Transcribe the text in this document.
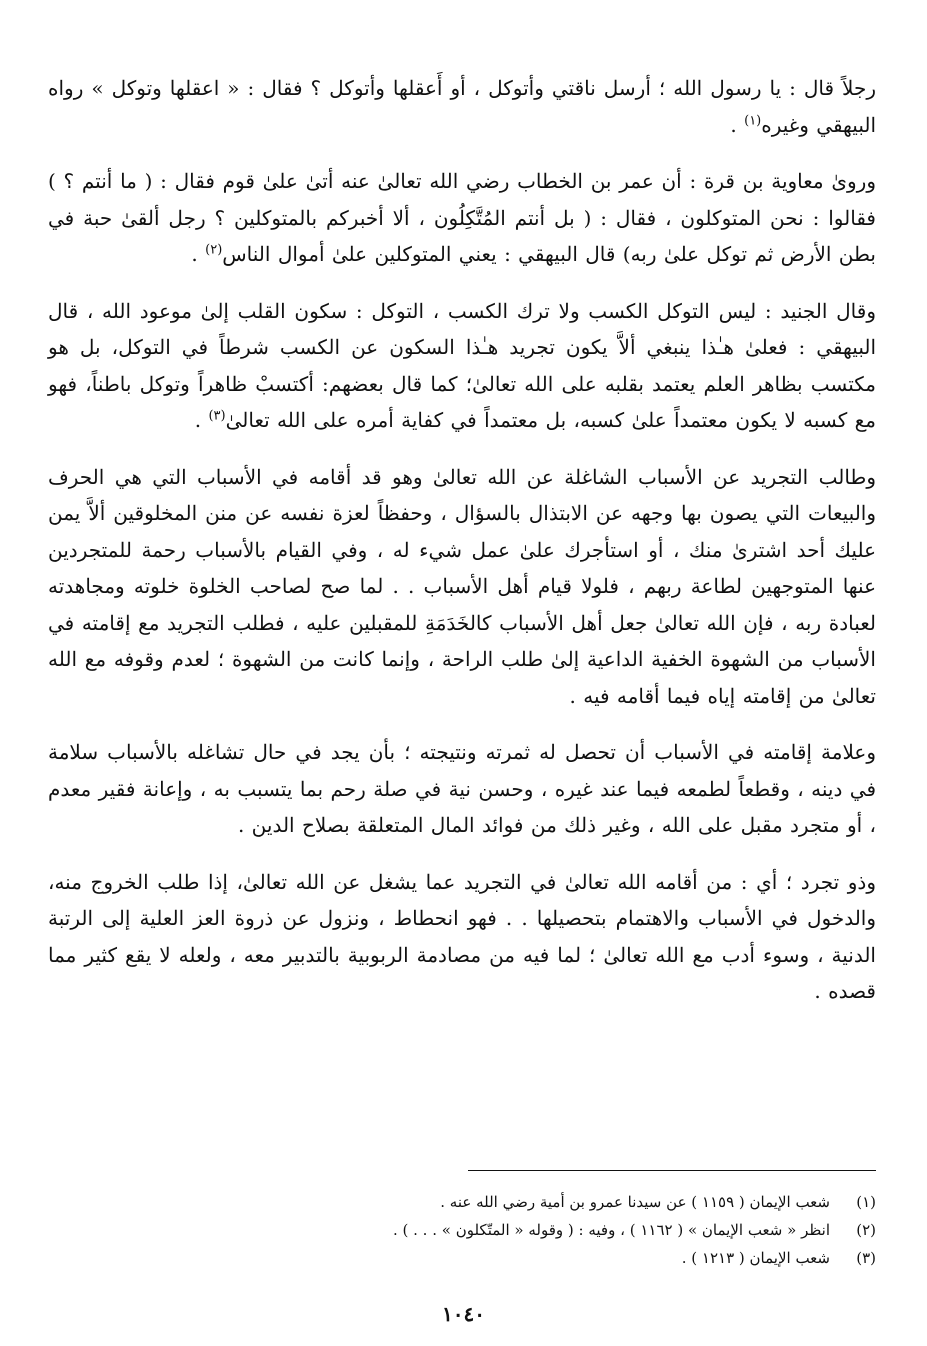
رجلاً قال : يا رسول الله ؛ أرسل ناقتي وأتوكل ، أو أَعقلها وأتوكل ؟ فقال : « اعقلها وتوكل » رواه البيهقي وغيره$^{(١)}$ .

وروىٰ معاوية بن قرة : أن عمر بن الخطاب رضي الله تعالىٰ عنه أتىٰ علىٰ قوم فقال : ( ما أنتم ؟ ) فقالوا : نحن المتوكلون ، فقال : ( بل أنتم المُتَّكِلُون ، ألا أخبركم بالمتوكلين ؟ رجل ألقىٰ حبة في بطن الأرض ثم توكل علىٰ ربه) قال البيهقي : يعني المتوكلين علىٰ أموال الناس$^{(٢)}$ .

وقال الجنيد : ليس التوكل الكسب ولا ترك الكسب ، التوكل : سكون القلب إلىٰ موعود الله ، قال البيهقي : فعلىٰ هـٰذا ينبغي ألاَّ يكون تجريد هـٰذا السكون عن الكسب شرطاً في التوكل، بل هو مكتسب بظاهر العلم يعتمد بقلبه على الله تعالىٰ؛ كما قال بعضهم: أكتسبْ ظاهراً وتوكل باطناً، فهو مع كسبه لا يكون معتمداً علىٰ كسبه، بل معتمداً في كفاية أمره على الله تعالىٰ$^{(٣)}$ .

وطالب التجريد عن الأسباب الشاغلة عن الله تعالىٰ وهو قد أقامه في الأسباب التي هي الحرف والبيعات التي يصون بها وجهه عن الابتذال بالسؤال ، وحفظاً لعزة نفسه عن منن المخلوقين ألاَّ يمن عليك أحد اشترىٰ منك ، أو استأجرك علىٰ عمل شيء له ، وفي القيام بالأسباب رحمة للمتجردين عنها المتوجهين لطاعة ربهم ، فلولا قيام أهل الأسباب . . لما صح لصاحب الخلوة خلوته ومجاهدته لعبادة ربه ، فإن الله تعالىٰ جعل أهل الأسباب كالخَدَمَةِ للمقبلين عليه ، فطلب التجريد مع إقامته في الأسباب من الشهوة الخفية الداعية إلىٰ طلب الراحة ، وإنما كانت من الشهوة ؛ لعدم وقوفه مع الله تعالىٰ من إقامته إياه فيما أقامه فيه .

وعلامة إقامته في الأسباب أن تحصل له ثمرته ونتيجته ؛ بأن يجد في حال تشاغله بالأسباب سلامة في دينه ، وقطعاً لطمعه فيما عند غيره ، وحسن نية في صلة رحم بما يتسبب به ، وإعانة فقير معدم ، أو متجرد مقبل على الله ، وغير ذلك من فوائد المال المتعلقة بصلاح الدين .

وذو تجرد ؛ أي : من أقامه الله تعالىٰ في التجريد عما يشغل عن الله تعالىٰ، إذا طلب الخروج منه، والدخول في الأسباب والاهتمام بتحصيلها . . فهو انحطاط ، ونزول عن ذروة العز العلية إلى الرتبة الدنية ، وسوء أدب مع الله تعالىٰ ؛ لما فيه من مصادمة الربوبية بالتدبير معه ، ولعله لا يقع كثير مما قصده .

(١)
شعب الإيمان ( ١١٥٩ ) عن سيدنا عمرو بن أمية رضي الله عنه .
(٢)
انظر « شعب الإيمان » ( ١١٦٢ ) ، وفيه : ( وقوله « المتّكلون » . . . ) .
(٣)
شعب الإيمان ( ١٢١٣ ) .
١٠٤٠
